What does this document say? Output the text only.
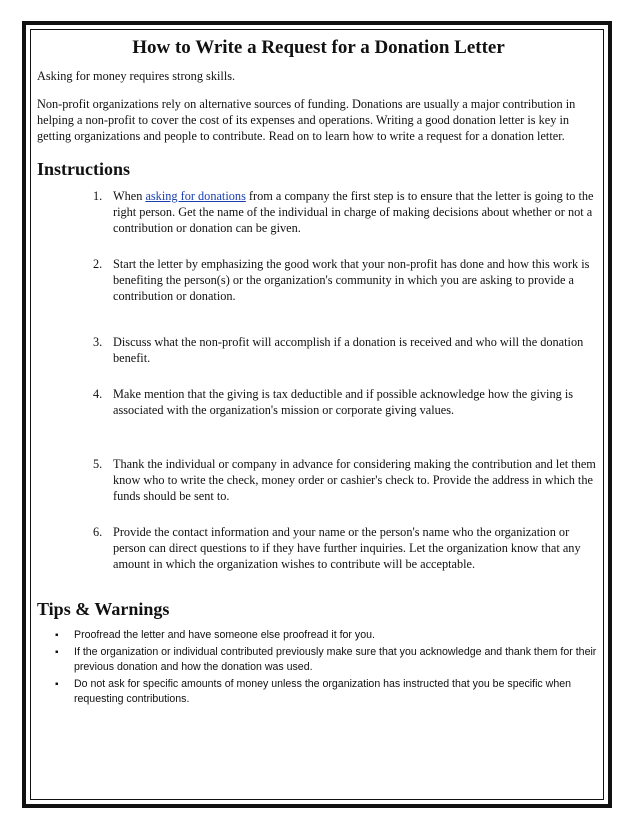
How to Write a Request for a Donation Letter

Asking for money requires strong skills.

Non-profit organizations rely on alternative sources of funding. Donations are usually a major contribution in helping a non-profit to cover the cost of its expenses and operations. Writing a good donation letter is key in getting organizations and people to contribute. Read on to learn how to write a request for a donation letter.

Instructions
1. When asking for donations from a company the first step is to ensure that the letter is going to the right person. Get the name of the individual in charge of making decisions about whether or not a contribution or donation can be given.
2. Start the letter by emphasizing the good work that your non-profit has done and how this work is benefiting the person(s) or the organization's community in which you are asking to provide a contribution or donation.
3. Discuss what the non-profit will accomplish if a donation is received and who will the donation benefit.
4. Make mention that the giving is tax deductible and if possible acknowledge how the giving is associated with the organization's mission or corporate giving values.
5. Thank the individual or company in advance for considering making the contribution and let them know who to write the check, money order or cashier's check to. Provide the address in which the funds should be sent to.
6. Provide the contact information and your name or the person's name who the organization or person can direct questions to if they have further inquiries. Let the organization know that any amount in which the organization wishes to contribute will be acceptable.
Tips & Warnings
▪ Proofread the letter and have someone else proofread it for you.
▪ If the organization or individual contributed previously make sure that you acknowledge and thank them for their previous donation and how the donation was used.
▪ Do not ask for specific amounts of money unless the organization has instructed that you be specific when requesting contributions.
